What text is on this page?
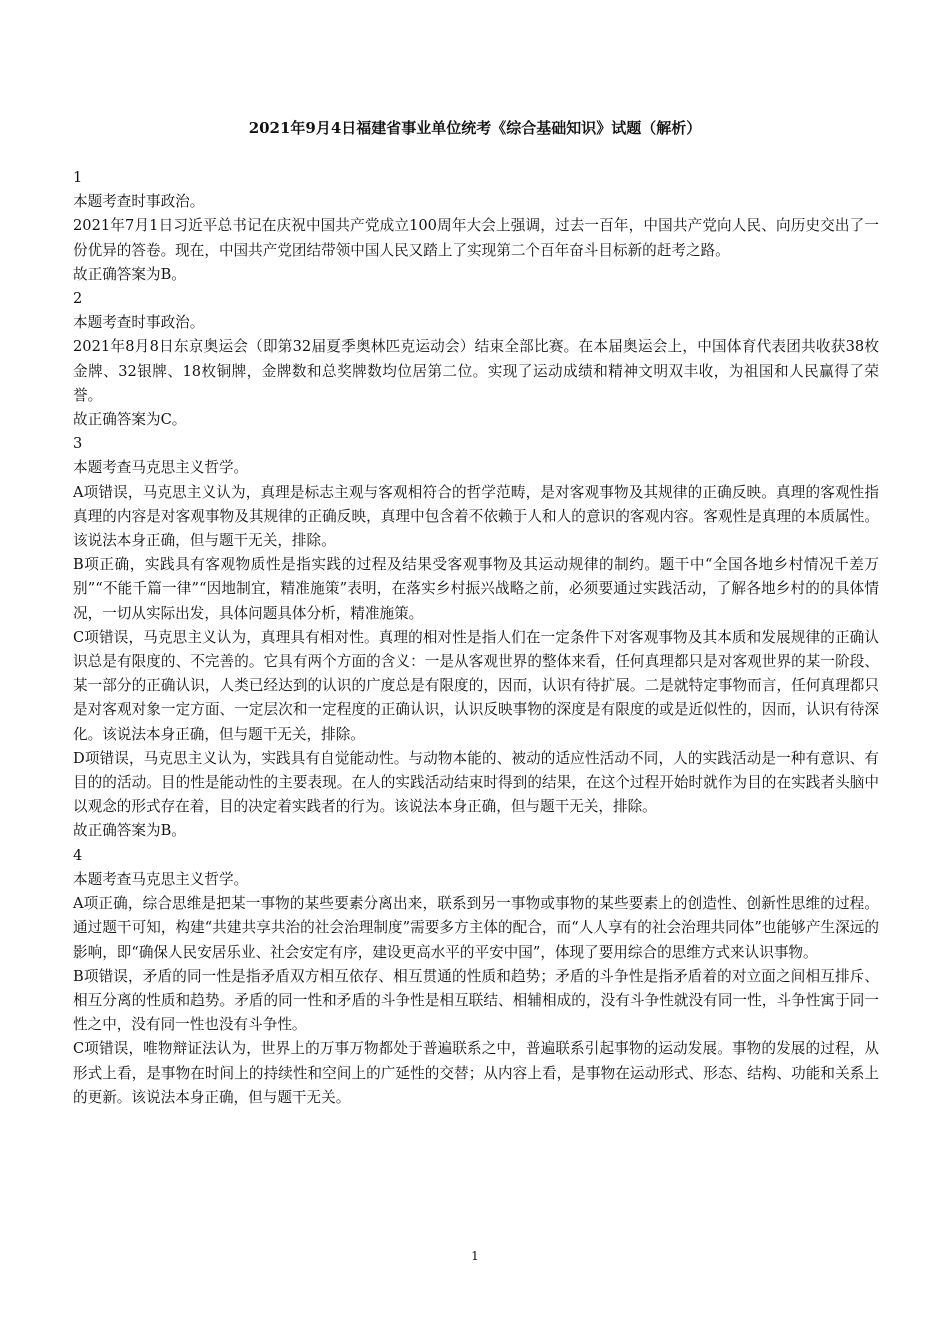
2021年9月4日福建省事业单位统考《综合基础知识》试题（解析）

1

本题考查时事政治。

2021年7月1日习近平总书记在庆祝中国共产党成立100周年大会上强调，过去一百年，中国共产党向人民、向历史交出了一份优异的答卷。现在，中国共产党团结带领中国人民又踏上了实现第二个百年奋斗目标新的赶考之路。

故正确答案为B。

2

本题考查时事政治。

2021年8月8日东京奥运会（即第32届夏季奥林匹克运动会）结束全部比赛。在本届奥运会上，中国体育代表团共收获38枚金牌、32银牌、18枚铜牌，金牌数和总奖牌数均位居第二位。实现了运动成绩和精神文明双丰收，为祖国和人民赢得了荣誉。

故正确答案为C。

3

本题考查马克思主义哲学。

A项错误，马克思主义认为，真理是标志主观与客观相符合的哲学范畴，是对客观事物及其规律的正确反映。真理的客观性指真理的内容是对客观事物及其规律的正确反映，真理中包含着不依赖于人和人的意识的客观内容。客观性是真理的本质属性。该说法本身正确，但与题干无关，排除。

B项正确，实践具有客观物质性是指实践的过程及结果受客观事物及其运动规律的制约。题干中“全国各地乡村情况千差万别”“不能千篇一律”“因地制宜，精准施策”表明，在落实乡村振兴战略之前，必须要通过实践活动，了解各地乡村的的具体情况，一切从实际出发，具体问题具体分析，精准施策。

C项错误，马克思主义认为，真理具有相对性。真理的相对性是指人们在一定条件下对客观事物及其本质和发展规律的正确认识总是有限度的、不完善的。它具有两个方面的含义：一是从客观世界的整体来看，任何真理都只是对客观世界的某一阶段、某一部分的正确认识，人类已经达到的认识的广度总是有限度的，因而，认识有待扩展。二是就特定事物而言，任何真理都只是对客观对象一定方面、一定层次和一定程度的正确认识，认识反映事物的深度是有限度的或是近似性的，因而，认识有待深化。该说法本身正确，但与题干无关，排除。

D项错误，马克思主义认为，实践具有自觉能动性。与动物本能的、被动的适应性活动不同，人的实践活动是一种有意识、有目的的活动。目的性是能动性的主要表现。在人的实践活动结束时得到的结果，在这个过程开始时就作为目的在实践者头脑中以观念的形式存在着，目的决定着实践者的行为。该说法本身正确，但与题干无关，排除。

故正确答案为B。

4

本题考查马克思主义哲学。

A项正确，综合思维是把某一事物的某些要素分离出来，联系到另一事物或事物的某些要素上的创造性、创新性思维的过程。通过题干可知，构建“共建共享共治的社会治理制度”需要多方主体的配合，而“人人享有的社会治理共同体”也能够产生深远的影响，即“确保人民安居乐业、社会安定有序，建设更高水平的平安中国”，体现了要用综合的思维方式来认识事物。

B项错误，矛盾的同一性是指矛盾双方相互依存、相互贯通的性质和趋势；矛盾的斗争性是指矛盾着的对立面之间相互排斥、相互分离的性质和趋势。矛盾的同一性和矛盾的斗争性是相互联结、相辅相成的，没有斗争性就没有同一性，斗争性寓于同一性之中，没有同一性也没有斗争性。

C项错误，唯物辩证法认为，世界上的万事万物都处于普遍联系之中，普遍联系引起事物的运动发展。事物的发展的过程，从形式上看，是事物在时间上的持续性和空间上的广延性的交替；从内容上看，是事物在运动形式、形态、结构、功能和关系上的更新。该说法本身正确，但与题干无关。

1
